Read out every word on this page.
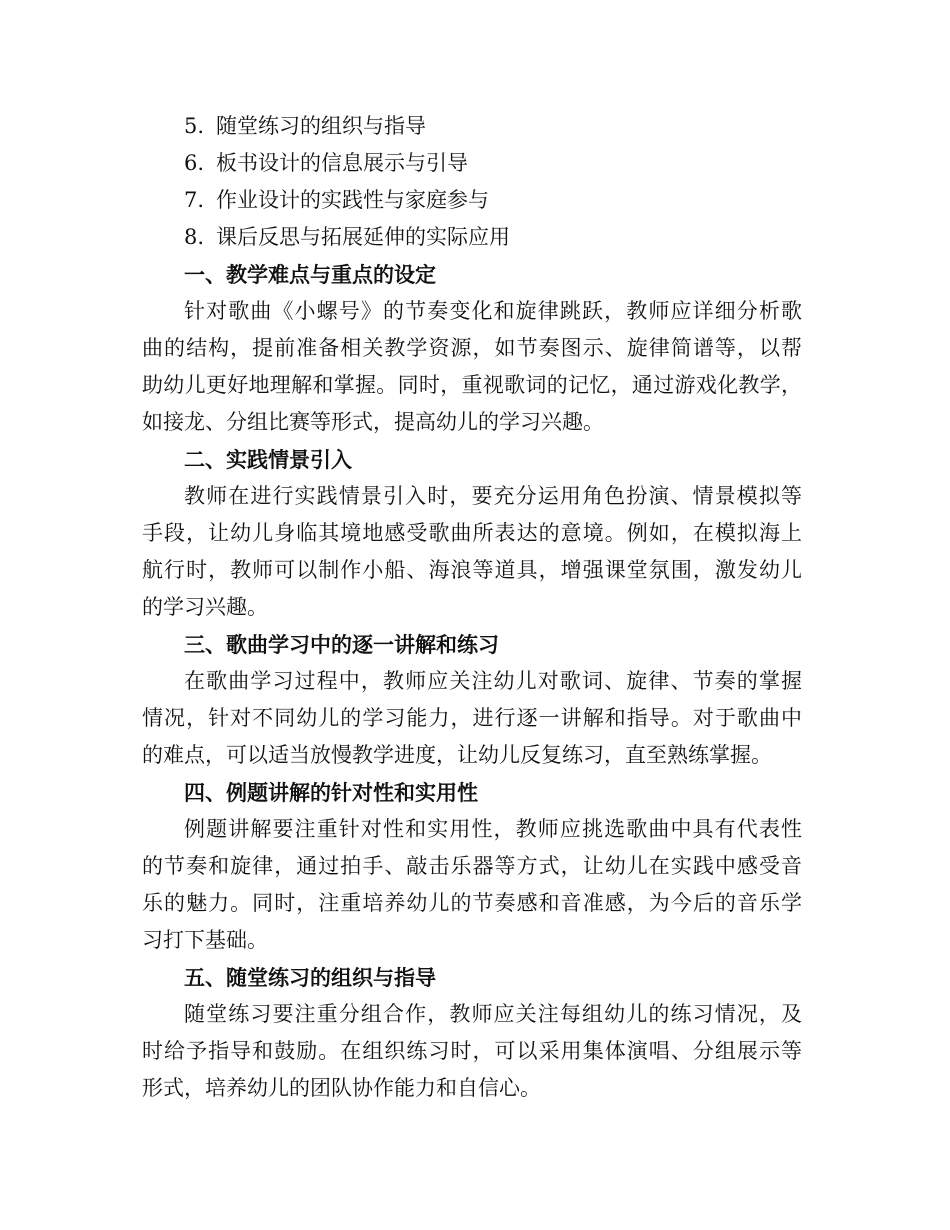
5. 随堂练习的组织与指导
6. 板书设计的信息展示与引导
7. 作业设计的实践性与家庭参与
8. 课后反思与拓展延伸的实际应用
一、教学难点与重点的设定
针对歌曲《小螺号》的节奏变化和旋律跳跃，教师应详细分析歌
曲的结构，提前准备相关教学资源，如节奏图示、旋律简谱等，以帮
助幼儿更好地理解和掌握。同时，重视歌词的记忆，通过游戏化教学，
如接龙、分组比赛等形式，提高幼儿的学习兴趣。
二、实践情景引入
教师在进行实践情景引入时，要充分运用角色扮演、情景模拟等
手段，让幼儿身临其境地感受歌曲所表达的意境。例如，在模拟海上
航行时，教师可以制作小船、海浪等道具，增强课堂氛围，激发幼儿
的学习兴趣。
三、歌曲学习中的逐一讲解和练习
在歌曲学习过程中，教师应关注幼儿对歌词、旋律、节奏的掌握
情况，针对不同幼儿的学习能力，进行逐一讲解和指导。对于歌曲中
的难点，可以适当放慢教学进度，让幼儿反复练习，直至熟练掌握。
四、例题讲解的针对性和实用性
例题讲解要注重针对性和实用性，教师应挑选歌曲中具有代表性
的节奏和旋律，通过拍手、敲击乐器等方式，让幼儿在实践中感受音
乐的魅力。同时，注重培养幼儿的节奏感和音准感，为今后的音乐学
习打下基础。
五、随堂练习的组织与指导
随堂练习要注重分组合作，教师应关注每组幼儿的练习情况，及
时给予指导和鼓励。在组织练习时，可以采用集体演唱、分组展示等
形式，培养幼儿的团队协作能力和自信心。
